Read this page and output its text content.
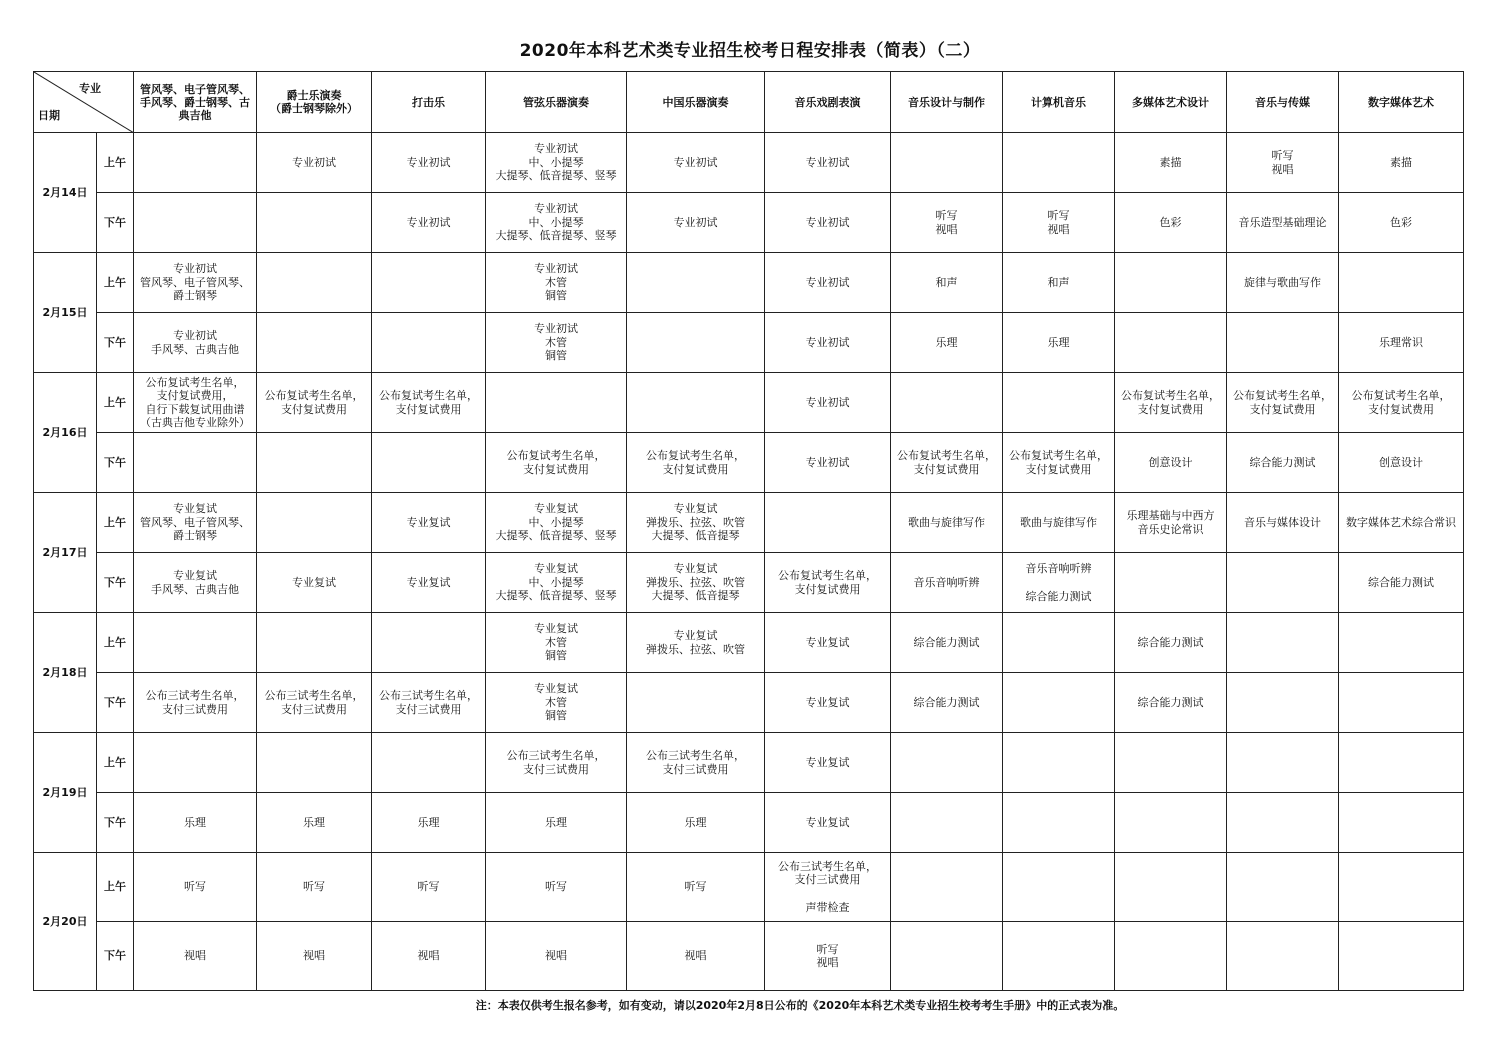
2020年本科艺术类专业招生校考日程安排表（简表）（二）
专业
日期		管风琴、电子管风琴、
手风琴、爵士钢琴、古
典吉他	爵士乐演奏
（爵士钢琴除外）	打击乐	管弦乐器演奏	中国乐器演奏	音乐戏剧表演	音乐设计与制作	计算机音乐	多媒体艺术设计	音乐与传媒	数字媒体艺术

2月14日	上午		专业初试	专业初试	专业初试
中、小提琴
大提琴、低音提琴、竖琴	专业初试	专业初试			素描	听写
视唱	素描

	下午			专业初试	专业初试
中、小提琴
大提琴、低音提琴、竖琴	专业初试	专业初试	听写
视唱	听写
视唱	色彩	音乐造型基础理论	色彩

2月15日	上午	专业初试
管风琴、电子管风琴、
爵士钢琴			专业初试
木管
铜管		专业初试	和声	和声		旋律与歌曲写作	

	下午	专业初试
手风琴、古典吉他			专业初试
木管
铜管		专业初试	乐理	乐理			乐理常识

2月16日	上午	公布复试考生名单，
支付复试费用，
自行下载复试用曲谱
（古典吉他专业除外）	公布复试考生名单，
支付复试费用	公布复试考生名单，
支付复试费用			专业初试			公布复试考生名单，
支付复试费用	公布复试考生名单，
支付复试费用	公布复试考生名单，
支付复试费用

	下午				公布复试考生名单，
支付复试费用	公布复试考生名单，
支付复试费用	专业初试	公布复试考生名单，
支付复试费用	公布复试考生名单，
支付复试费用	创意设计	综合能力测试	创意设计

2月17日	上午	专业复试
管风琴、电子管风琴、
爵士钢琴		专业复试	专业复试
中、小提琴
大提琴、低音提琴、竖琴	专业复试
弹拨乐、拉弦、吹管
大提琴、低音提琴		歌曲与旋律写作	歌曲与旋律写作	乐理基础与中西方
音乐史论常识	音乐与媒体设计	数字媒体艺术综合常识

	下午	专业复试
手风琴、古典吉他	专业复试	专业复试	专业复试
中、小提琴
大提琴、低音提琴、竖琴	专业复试
弹拨乐、拉弦、吹管
大提琴、低音提琴	公布复试考生名单，
支付复试费用	音乐音响听辨	音乐音响听辨
综合能力测试			综合能力测试

2月18日	上午				专业复试
木管
铜管	专业复试
弹拨乐、拉弦、吹管	专业复试	综合能力测试		综合能力测试		

	下午	公布三试考生名单，
支付三试费用	公布三试考生名单，
支付三试费用	公布三试考生名单，
支付三试费用	专业复试
木管
铜管		专业复试	综合能力测试		综合能力测试		

2月19日	上午				公布三试考生名单，
支付三试费用	公布三试考生名单，
支付三试费用	专业复试					

	下午	乐理	乐理	乐理	乐理	乐理	专业复试					

2月20日	上午	听写	听写	听写	听写	听写	公布三试考生名单，
支付三试费用
声带检查					

	下午	视唱	视唱	视唱	视唱	视唱	听写
视唱					

注：本表仅供考生报名参考，如有变动，请以2020年2月8日公布的《2020年本科艺术类专业招生校考考生手册》中的正式表为准。
